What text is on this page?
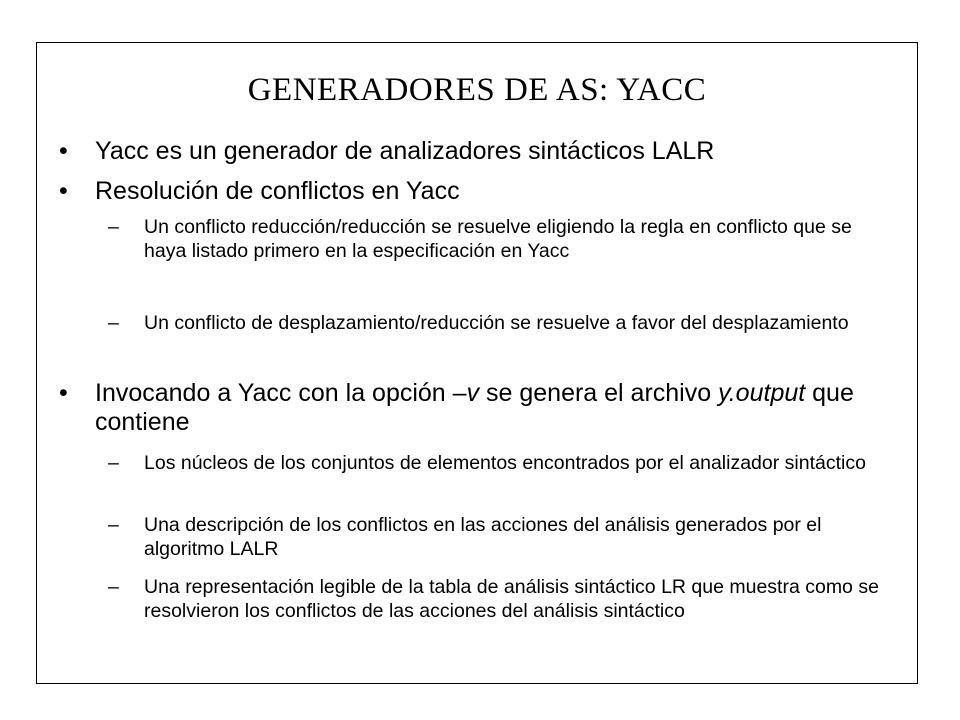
GENERADORES DE AS: YACC
• Yacc es un generador de analizadores sintácticos LALR
• Resolución de conflictos en Yacc
– Un conflicto reducción/reducción se resuelve eligiendo la regla en conflicto que se haya listado primero en la especificación en Yacc
– Un conflicto de desplazamiento/reducción se resuelve a favor del desplazamiento
• Invocando a Yacc con la opción –v se genera el archivo y.output que contiene
– Los núcleos de los conjuntos de elementos encontrados por el analizador sintáctico
– Una descripción de los conflictos en las acciones del análisis generados por el algoritmo LALR
– Una representación legible de la tabla de análisis sintáctico LR que muestra como se resolvieron los conflictos de las acciones del análisis sintáctico
